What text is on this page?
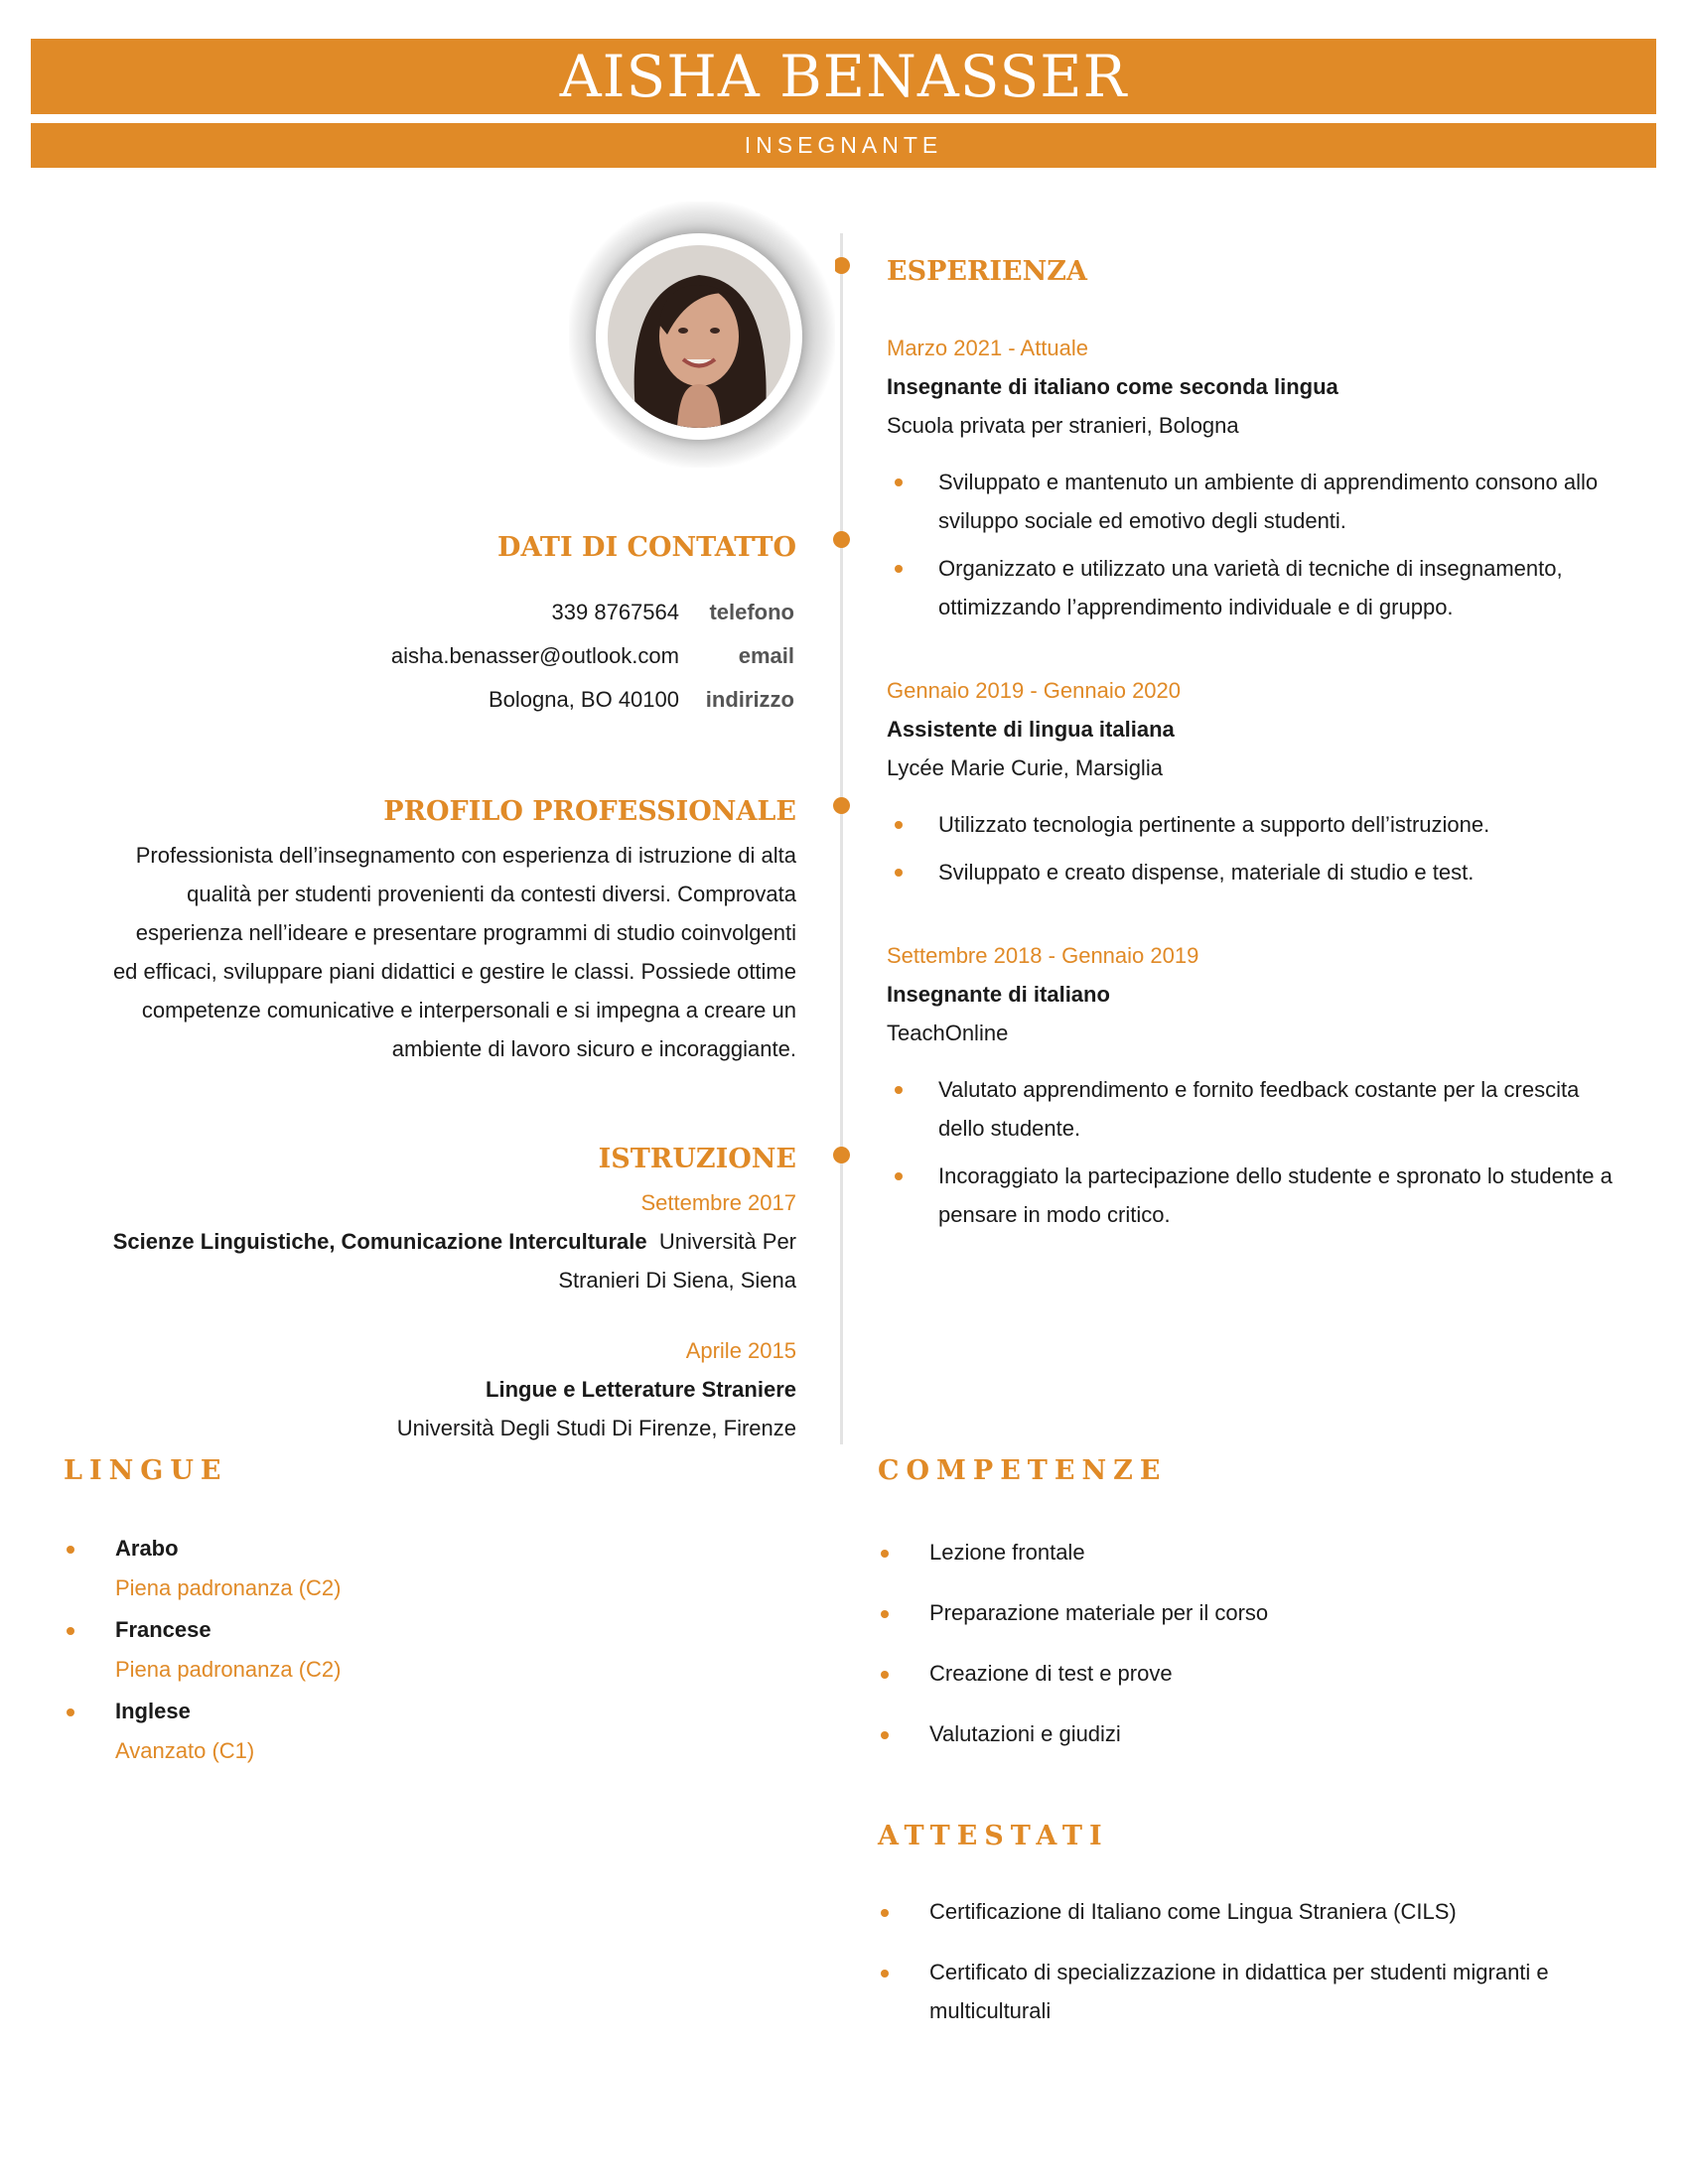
AISHA BENASSER
INSEGNANTE
DATI DI CONTATTO
339 8767564	telefono
aisha.benasser@outlook.com	email
Bologna, BO 40100	indirizzo
PROFILO PROFESSIONALE
Professionista dell’insegnamento con esperienza di istruzione di alta
qualità per studenti provenienti da contesti diversi. Comprovata
esperienza nell’ideare e presentare programmi di studio coinvolgenti
ed efficaci, sviluppare piani didattici e gestire le classi. Possiede ottime
competenze comunicative e interpersonali e si impegna a creare un
ambiente di lavoro sicuro e incoraggiante.
ISTRUZIONE
Settembre 2017
Scienze Linguistiche, Comunicazione Interculturale Università Per
Stranieri Di Siena, Siena
Aprile 2015
Lingue e Letterature Straniere
Università Degli Studi Di Firenze, Firenze
ESPERIENZA
Marzo 2021 - Attuale
Insegnante di italiano come seconda lingua
Scuola privata per stranieri, Bologna
Sviluppato e mantenuto un ambiente di apprendimento consono allo sviluppo sociale ed emotivo degli studenti.
Organizzato e utilizzato una varietà di tecniche di insegnamento, ottimizzando l’apprendimento individuale e di gruppo.
Gennaio 2019 - Gennaio 2020
Assistente di lingua italiana
Lycée Marie Curie, Marsiglia
Utilizzato tecnologia pertinente a supporto dell’istruzione.
Sviluppato e creato dispense, materiale di studio e test.
Settembre 2018 - Gennaio 2019
Insegnante di italiano
TeachOnline
Valutato apprendimento e fornito feedback costante per la crescita dello studente.
Incoraggiato la partecipazione dello studente e spronato lo studente a pensare in modo critico.
LINGUE
Arabo
Piena padronanza (C2)
Francese
Piena padronanza (C2)
Inglese
Avanzato (C1)
COMPETENZE
Lezione frontale
Preparazione materiale per il corso
Creazione di test e prove
Valutazioni e giudizi
ATTESTATI
Certificazione di Italiano come Lingua Straniera (CILS)
Certificato di specializzazione in didattica per studenti migranti e multiculturali
